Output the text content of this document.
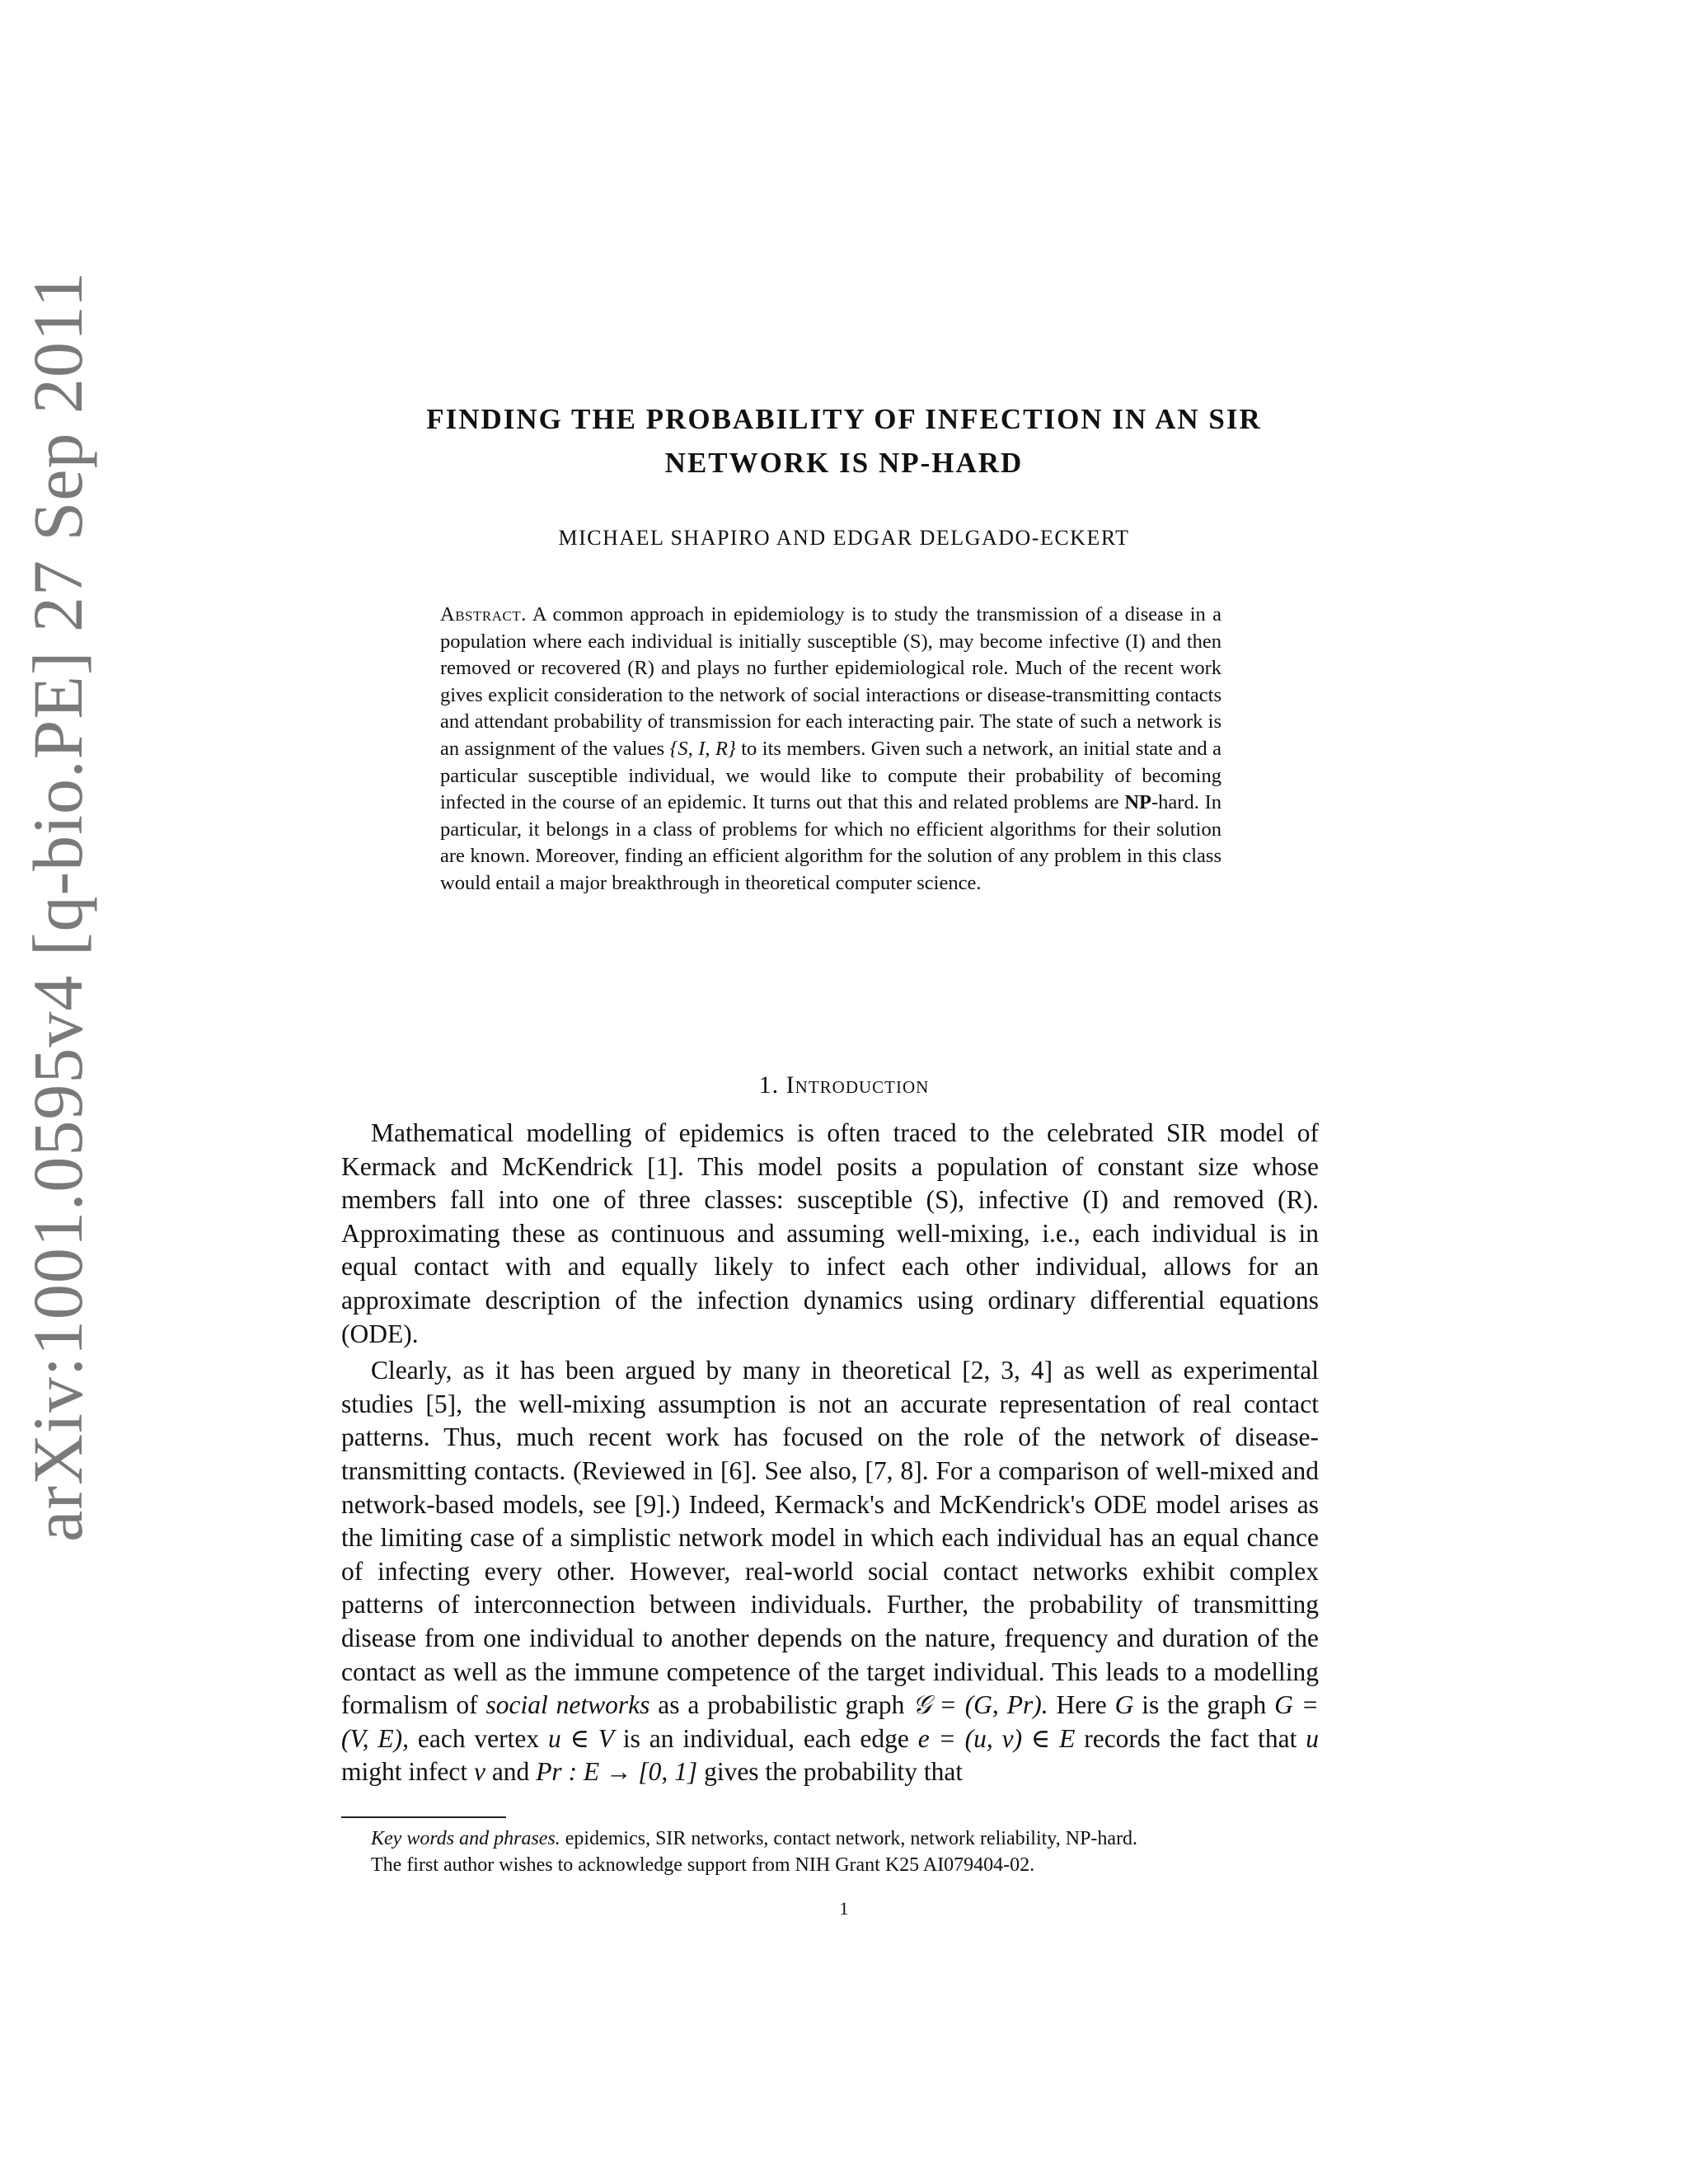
arXiv:1001.0595v4 [q-bio.PE] 27 Sep 2011	FINDING THE PROBABILITY OF INFECTION IN AN SIR
NETWORK IS NP-HARD
MICHAEL SHAPIRO AND EDGAR DELGADO-ECKERT
Abstract. A common approach in epidemiology is to study the transmission of a disease in a population where each individual is initially susceptible (S), may become infective (I) and then removed or recovered (R) and plays no further epidemiological role. Much of the recent work gives explicit consideration to the network of social interactions or disease-transmitting contacts and attendant probability of transmission for each interacting pair. The state of such a network is an assignment of the values {S, I, R} to its members. Given such a network, an initial state and a particular susceptible individual, we would like to compute their probability of becoming infected in the course of an epidemic. It turns out that this and related problems are NP-hard. In particular, it belongs in a class of problems for which no efficient algorithms for their solution are known. Moreover, finding an efficient algorithm for the solution of any problem in this class would entail a major breakthrough in theoretical computer science.
1. Introduction

Mathematical modelling of epidemics is often traced to the celebrated SIR model of Kermack and McKendrick [1]. This model posits a population of constant size whose members fall into one of three classes: susceptible (S), infective (I) and removed (R). Approximating these as continuous and assuming well-mixing, i.e., each individual is in equal contact with and equally likely to infect each other individual, allows for an approximate description of the infection dynamics using ordinary differential equations (ODE).

Clearly, as it has been argued by many in theoretical [2, 3, 4] as well as experimental studies [5], the well-mixing assumption is not an accurate representation of real contact patterns. Thus, much recent work has focused on the role of the network of disease-transmitting contacts. (Reviewed in [6]. See also, [7, 8]. For a comparison of well-mixed and network-based models, see [9].) Indeed, Kermack's and McKendrick's ODE model arises as the limiting case of a simplistic network model in which each individual has an equal chance of infecting every other. However, real-world social contact networks exhibit complex patterns of interconnection between individuals. Further, the probability of transmitting disease from one individual to another depends on the nature, frequency and duration of the contact as well as the immune competence of the target individual. This leads to a modelling formalism of social networks as a probabilistic graph 𝒢 = (G, Pr). Here G is the graph G = (V, E), each vertex u ∈ V is an individual, each edge e = (u, v) ∈ E records the fact that u might infect v and Pr : E → [0, 1] gives the probability that

Key words and phrases. epidemics, SIR networks, contact network, network reliability, NP-hard.

The first author wishes to acknowledge support from NIH Grant K25 AI079404-02.

1
